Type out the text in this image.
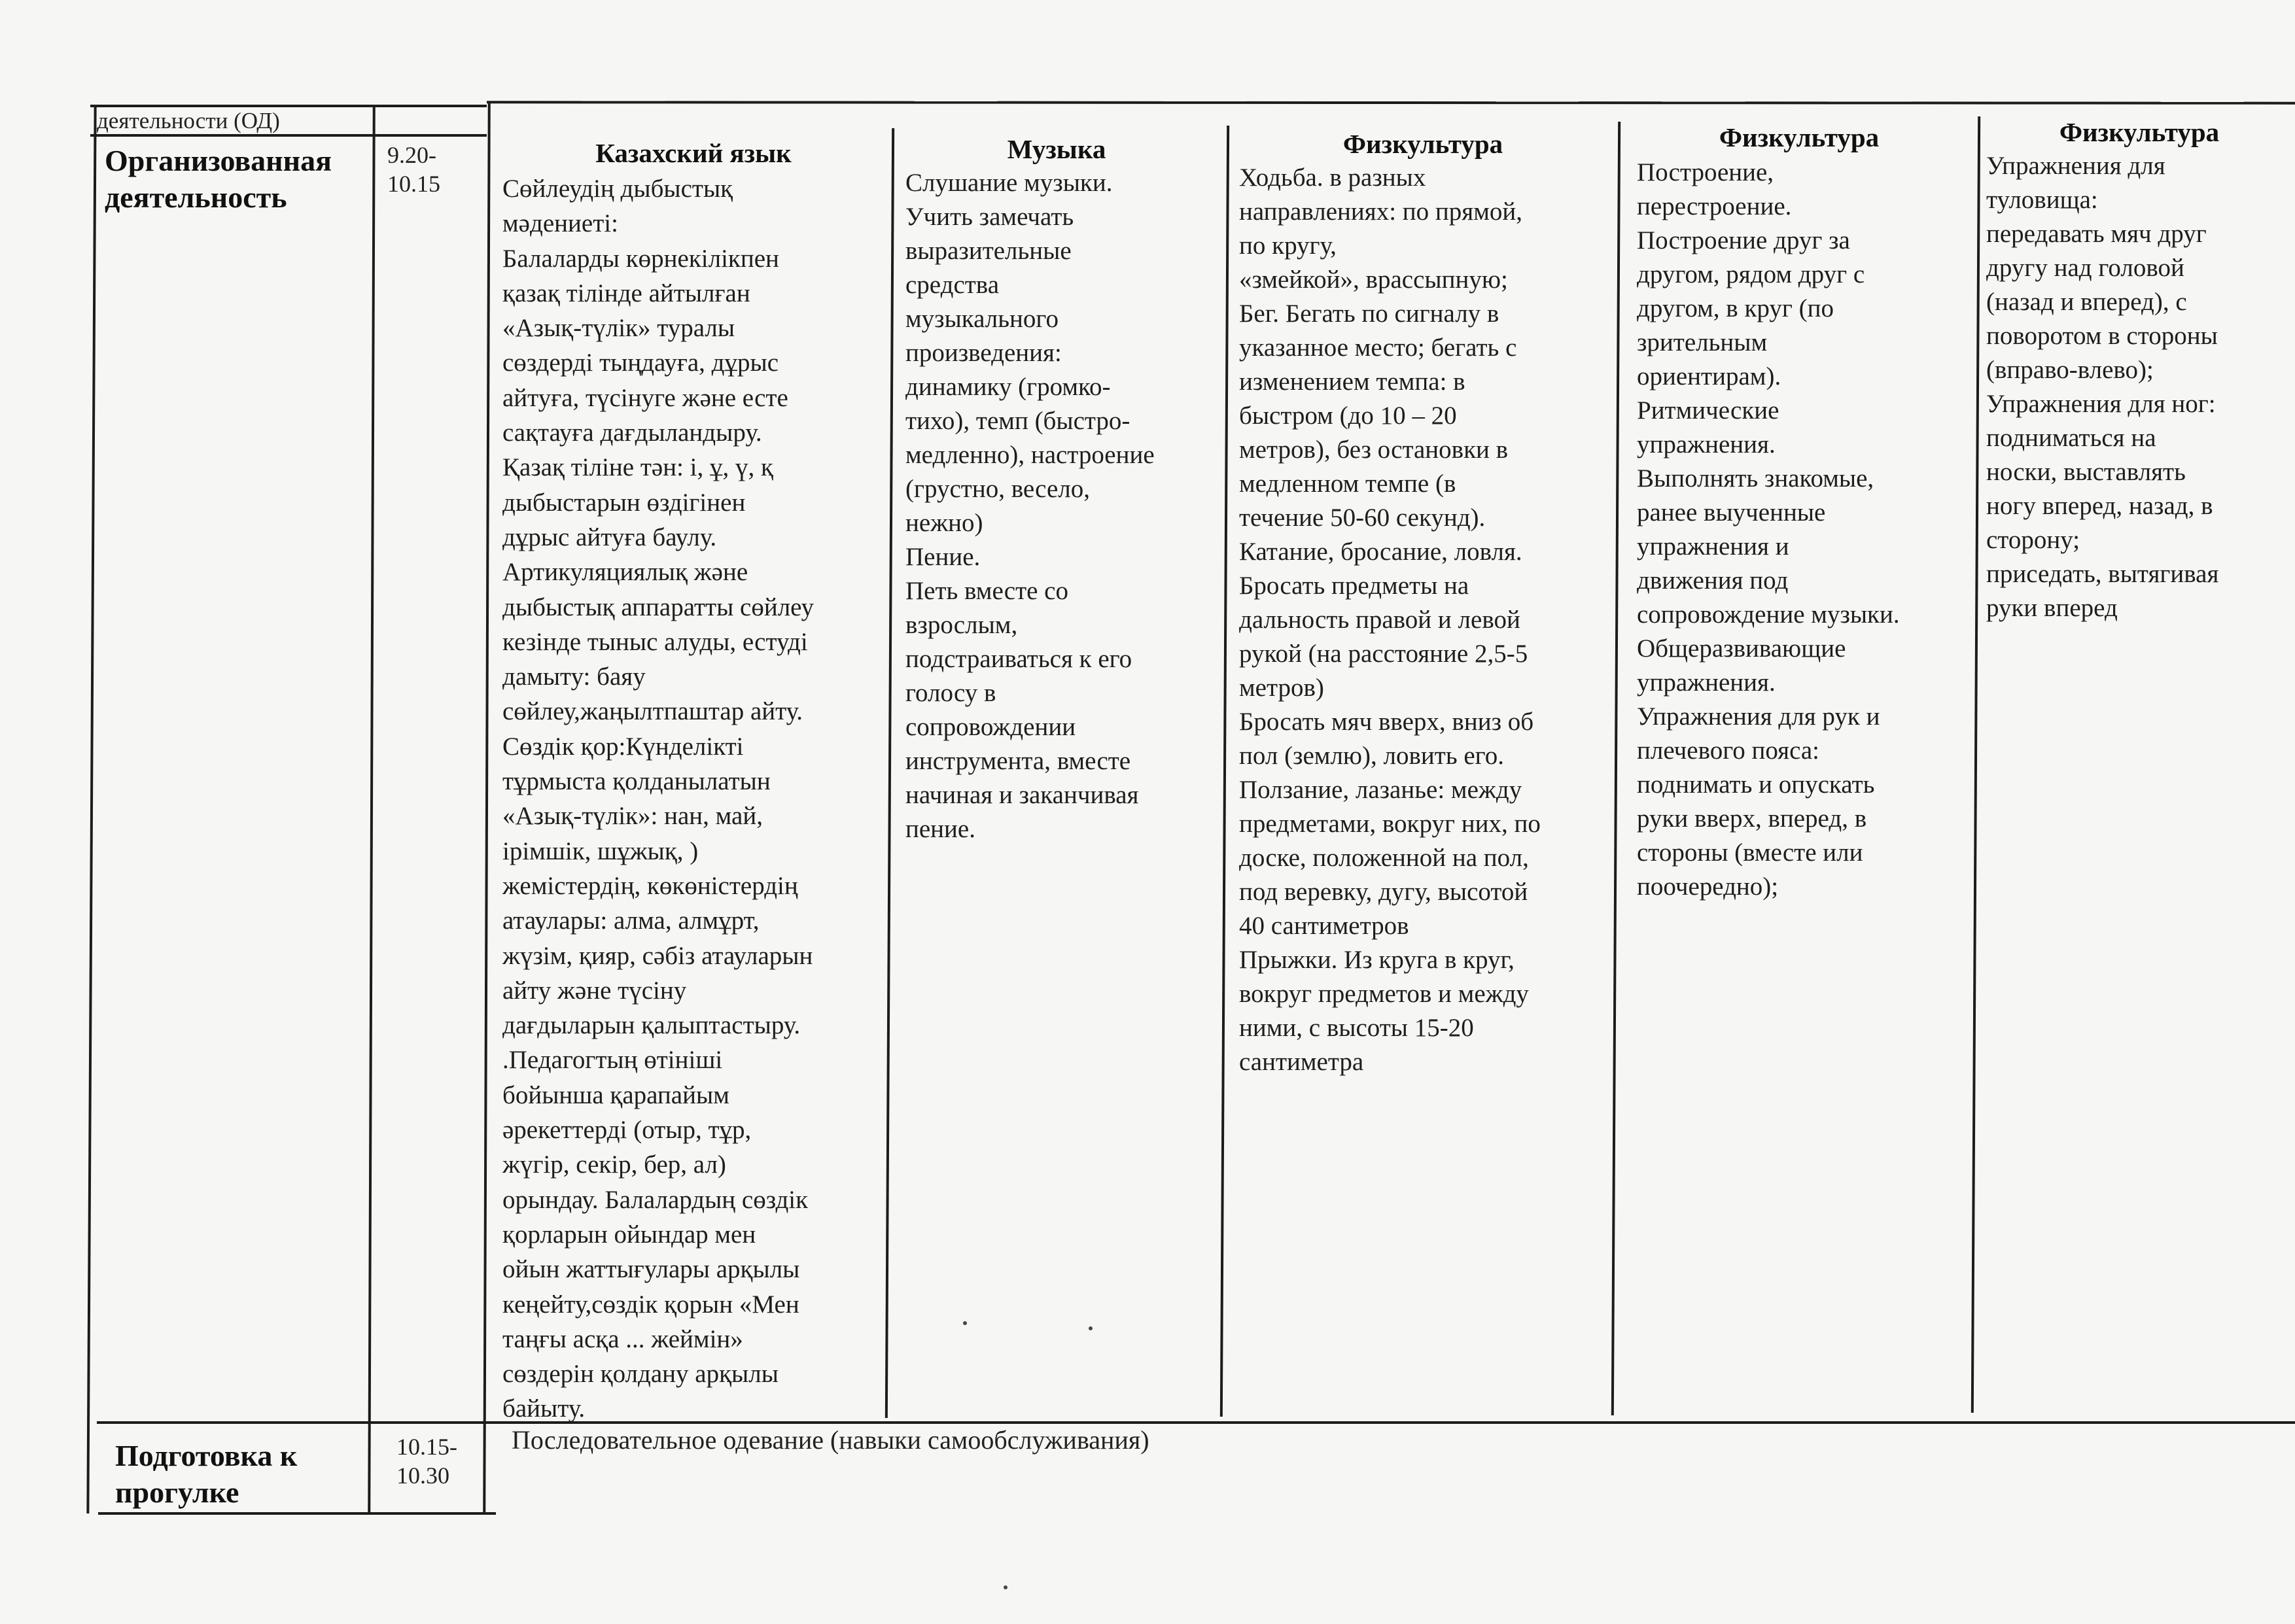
деятельности (ОД)
Организованная деятельность
9.20-
10.15
Казахский язык
Сөйлеудің дыбыстық
мәдениеті:
Балаларды көрнекілікпен
қазақ тілінде айтылған
«Азық-түлік» туралы
сөздерді тыңдауға, дұрыс
айтуға, түсінуге және есте
сақтауға дағдыландыру.
Қазақ тіліне тән: і, ұ, ү, қ
дыбыстарын өздігінен
дұрыс айтуға баулу.
Артикуляциялық және
дыбыстық аппаратты сөйлеу
кезінде тыныс алуды, естуді
дамыту: баяу
сөйлеу,жаңылтпаштар айту.
Сөздік қор:Күнделікті
тұрмыста қолданылатын
«Азық-түлік»: нан, май,
ірімшік, шұжық, )
жемістердің, көкөністердің
атаулары: алма, алмұрт,
жүзім, қияр, сәбіз атауларын
айту және түсіну
дағдыларын қалыптастыру.
.Педагогтың өтініші
бойынша қарапайым
әрекеттерді (отыр, тұр,
жүгір, секір, бер, ал)
орындау. Балалардың сөздік
қорларын ойындар мен
ойын жаттығулары арқылы
кеңейту,сөздік қорын «Мен
таңғы асқа ... жеймін»
сөздерін қолдану арқылы
байыту.
Музыка
Слушание музыки.
Учить замечать
выразительные
средства
музыкального
произведения:
динамику (громко-
тихо), темп (быстро-
медленно), настроение
(грустно, весело,
нежно)
Пение.
Петь вместе со
взрослым,
подстраиваться к его
голосу в
сопровождении
инструмента, вместе
начиная и заканчивая
пение.
Физкультура
Ходьба. в разных
направлениях: по прямой,
по кругу,
«змейкой», врассыпную;
Бег. Бегать по сигналу в
указанное место; бегать с
изменением темпа: в
быстром (до 10 – 20
метров), без остановки в
медленном темпе (в
течение 50-60 секунд).
Катание, бросание, ловля.
Бросать предметы на
дальность правой и левой
рукой (на расстояние 2,5-5
метров)
Бросать мяч вверх, вниз об
пол (землю), ловить его.
Ползание, лазанье: между
предметами, вокруг них, по
доске, положенной на пол,
под веревку, дугу, высотой
40 сантиметров
Прыжки. Из круга в круг,
вокруг предметов и между
ними, с высоты 15-20
сантиметра
Физкультура
Построение,
перестроение.
Построение друг за
другом, рядом друг с
другом, в круг (по
зрительным
ориентирам).
Ритмические
упражнения.
Выполнять знакомые,
ранее выученные
упражнения и
движения под
сопровождение музыки.
Общеразвивающие
упражнения.
Упражнения для рук и
плечевого пояса:
поднимать и опускать
руки вверх, вперед, в
стороны (вместе или
поочередно);
Физкультура
Упражнения для
туловища:
передавать мяч друг
другу над головой
(назад и вперед), с
поворотом в стороны
(вправо-влево);
Упражнения для ног:
подниматься на
носки, выставлять
ногу вперед, назад, в
сторону;
приседать, вытягивая
руки вперед
Подготовка к прогулке
10.15-
10.30
Последовательное одевание (навыки самообслуживания)
